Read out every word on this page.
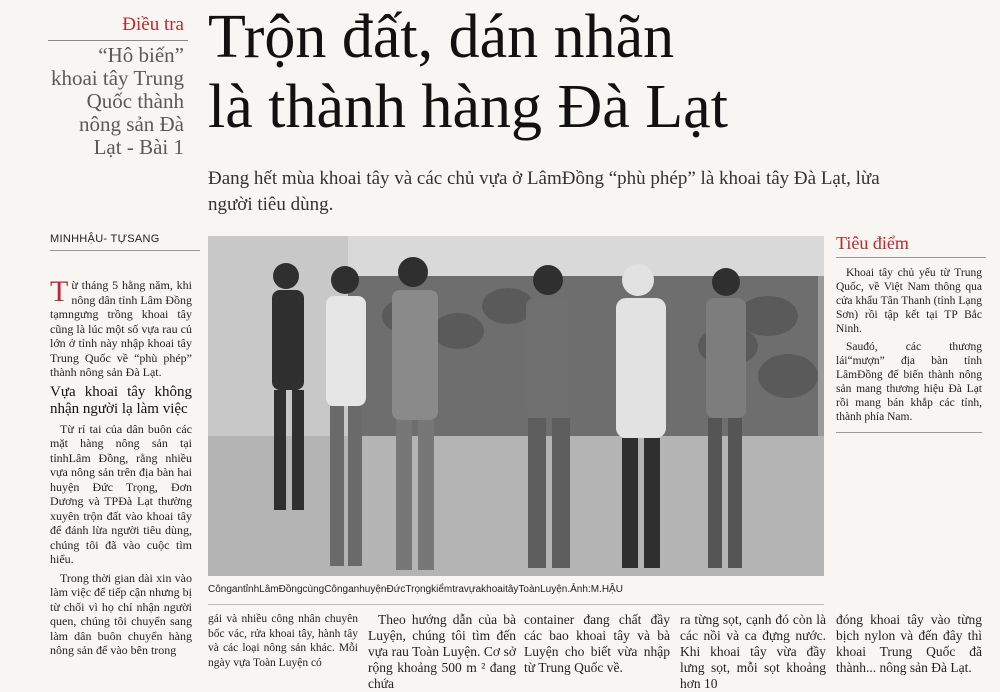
Điều tra
“Hô biến” khoai tây Trung Quốc thành nông sản Đà Lạt - Bài 1
Trộn đất, dán nhãn
là thành hàng Đà Lạt
Đang hết mùa khoai tây và các chủ vựa ở LâmĐồng “phù phép” là khoai tây Đà Lạt, lừa người tiêu dùng.
MINHHẬU- TỰSANG

Từ tháng 5 hằng năm, khi nông dân tỉnh Lâm Đồng tạmngưng trồng khoai tây cũng là lúc một số vựa rau củ lớn ở tỉnh này nhập khoai tây Trung Quốc về “phù phép” thành nông sản Đà Lạt.

Vựa khoai tây không nhận người lạ làm việc

Từ rỉ tai của dân buôn các mặt hàng nông sản tại tỉnhLâm Đồng, rằng nhiều vựa nông sản trên địa bàn hai huyện Đức Trọng, Đơn Dương và TPĐà Lạt thường xuyên trộn đất vào khoai tây để đánh lừa người tiêu dùng, chúng tôi đã vào cuộc tìm hiểu.

Trong thời gian dài xin vào làm việc để tiếp cận nhưng bị từ chối vì họ chỉ nhận người quen, chúng tôi chuyển sang làm dân buôn chuyển hàng nông sản để vào bên trong

CôngantỉnhLâmĐồngcùngCônganhuyệnĐứcTrọngkiểmtravựakhoaitâyToànLuyện.Ảnh:M.HẬU
Tiêu điểm

Khoai tây chủ yếu từ Trung Quốc, về Việt Nam thông qua cửa khẩu Tân Thanh (tỉnh Lạng Sơn) rồi tập kết tại TP Bắc Ninh.

Sauđó, các thương lái“mượn” địa bàn tỉnh LâmĐồng để biến thành nông sản mang thương hiệu Đà Lạt rồi mang bán khắp các tỉnh, thành phía Nam.

gái và nhiều công nhân chuyên bốc vác, rửa khoai tây, hành tây và các loại nông sản khác. Mỗi ngày vựa Toàn Luyện có
Theo hướng dẫn của bà Luyện, chúng tôi tìm đến vựa rau Toàn Luyện. Cơ sở rộng khoảng 500 m ² đang chứa
container đang chất đầy các bao khoai tây và bà Luyện cho biết vừa nhập từ Trung Quốc về.
ra từng sọt, cạnh đó còn là các nồi và ca đựng nước. Khi khoai tây vừa đầy lưng sọt, mỗi sọt khoảng hơn 10
đóng khoai tây vào từng bịch nylon và đến đây thì khoai Trung Quốc đã thành... nông sản Đà Lạt.
